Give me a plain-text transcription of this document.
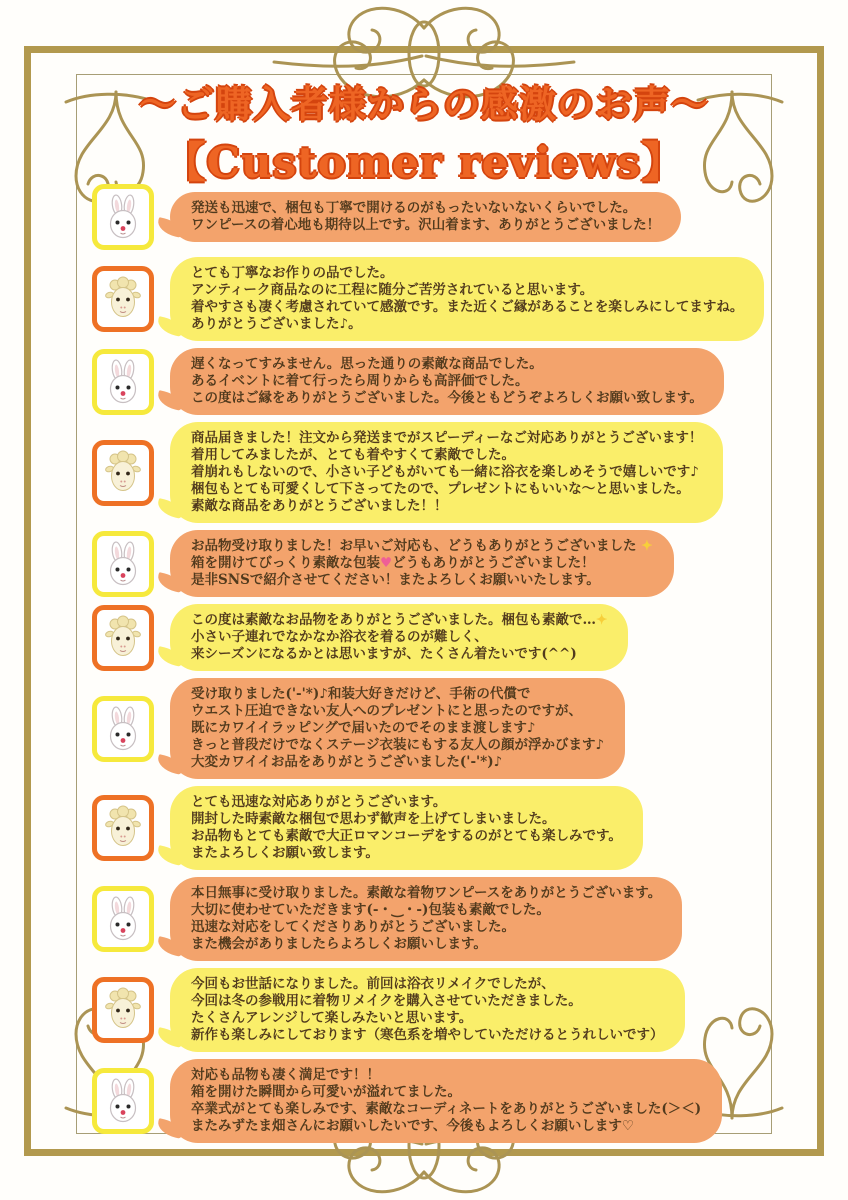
〜ご購入者様からの感激のお声〜
【Customer reviews】
発送も迅速で、梱包も丁寧で開けるのがもったいないないくらいでした。
ワンピースの着心地も期待以上です。沢山着ます、ありがとうございました！
とても丁寧なお作りの品でした。
アンティーク商品なのに工程に随分ご苦労されていると思います。
着やすさも凄く考慮されていて感激です。また近くご縁があることを楽しみにしてますね。
ありがとうございました♪。
遅くなってすみません。思った通りの素敵な商品でした。
あるイベントに着て行ったら周りからも高評価でした。
この度はご縁をありがとうございました。今後ともどうぞよろしくお願い致します。
商品届きました！注文から発送までがスピーディーなご対応ありがとうございます！
着用してみましたが、とても着やすくて素敵でした。
着崩れもしないので、小さい子どもがいても一緒に浴衣を楽しめそうで嬉しいです♪
梱包もとても可愛くして下さってたので、プレゼントにもいいな〜と思いました。
素敵な商品をありがとうございました！！
お品物受け取りました！お早いご対応も、どうもありがとうございました ✦
箱を開けてびっくり素敵な包装♥どうもありがとうございました！
是非SNSで紹介させてください！またよろしくお願いいたします。
この度は素敵なお品物をありがとうございました。梱包も素敵で…✦
小さい子連れでなかなか浴衣を着るのが難しく、
来シーズンになるかとは思いますが、たくさん着たいです(^^)
受け取りました('-'*)♪和装大好きだけど、手術の代償で
ウエスト圧迫できない友人へのプレゼントにと思ったのですが、
既にカワイイラッピングで届いたのでそのまま渡します♪
きっと普段だけでなくステージ衣装にもする友人の顔が浮かびます♪
大変カワイイお品をありがとうございました('-'*)♪
とても迅速な対応ありがとうございます。
開封した時素敵な梱包で思わず歓声を上げてしまいました。
お品物もとても素敵で大正ロマンコーデをするのがとても楽しみです。
またよろしくお願い致します。
本日無事に受け取りました。素敵な着物ワンピースをありがとうございます。
大切に使わせていただきます(-・‿・-)包装も素敵でした。
迅速な対応をしてくださりありがとうございました。
また機会がありましたらよろしくお願いします。
今回もお世話になりました。前回は浴衣リメイクでしたが、
今回は冬の参戦用に着物リメイクを購入させていただきました。
たくさんアレンジして楽しみたいと思います。
新作も楽しみにしております（寒色系を増やしていただけるとうれしいです）
対応も品物も凄く満足です！！
箱を開けた瞬間から可愛いが溢れてました。
卒業式がとても楽しみです、素敵なコーディネートをありがとうございました(＞＜)
またみずたま畑さんにお願いしたいです、今後もよろしくお願いします♡
